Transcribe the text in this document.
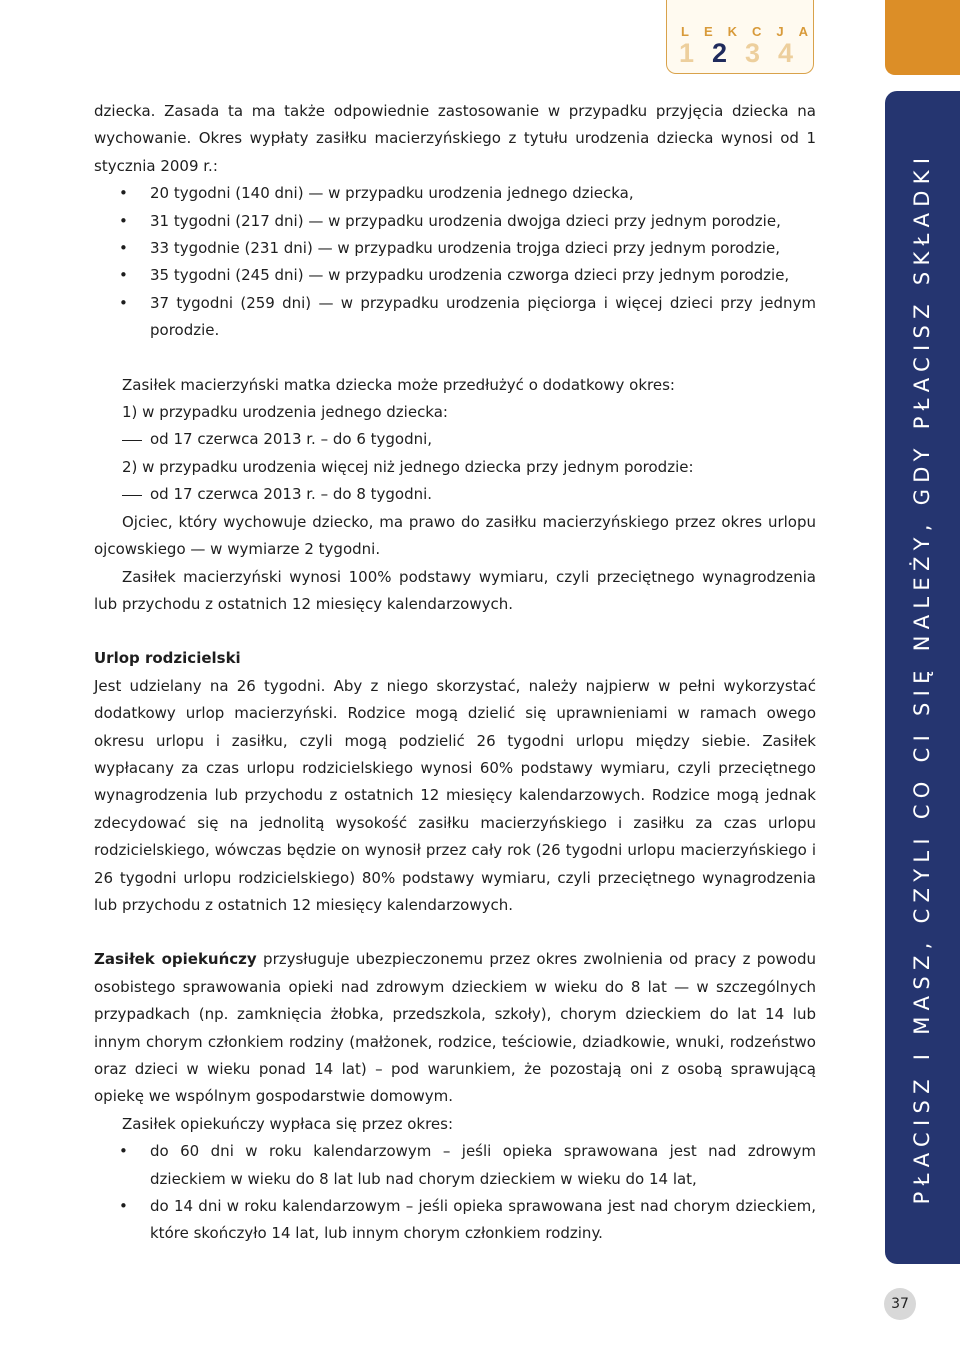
LEKCJA
1 2 3 4
PŁACISZ I MASZ, CZYLI CO CI SIĘ NALEŻY, GDY PŁACISZ SKŁADKI
37

dziecka. Zasada ta ma także odpowiednie zastosowanie w przypadku przyjęcia dziecka na wychowanie. Okres wypłaty zasiłku macierzyńskiego z tytułu urodzenia dziecka wynosi od 1 stycznia 2009 r.:

• 20 tygodni (140 dni) — w przypadku urodzenia jednego dziecka,
• 31 tygodni (217 dni) — w przypadku urodzenia dwojga dzieci przy jednym porodzie,
• 33 tygodnie (231 dni) — w przypadku urodzenia trojga dzieci przy jednym porodzie,
• 35 tygodni (245 dni) — w przypadku urodzenia czworga dzieci przy jednym porodzie,
• 37 tygodni (259 dni) — w przypadku urodzenia pięciorga i więcej dzieci przy jednym porodzie.

Zasiłek macierzyński matka dziecka może przedłużyć o dodatkowy okres:

1) w przypadku urodzenia jednego dziecka:

od 17 czerwca 2013 r. – do 6 tygodni,

2) w przypadku urodzenia więcej niż jednego dziecka przy jednym porodzie:

od 17 czerwca 2013 r. – do 8 tygodni.

Ojciec, który wychowuje dziecko, ma prawo do zasiłku macierzyńskiego przez okres urlopu ojcowskiego — w wymiarze 2 tygodni.

Zasiłek macierzyński wynosi 100% podstawy wymiaru, czyli przeciętnego wynagrodzenia lub przychodu z ostatnich 12 miesięcy kalendarzowych.

Urlop rodzicielski

Jest udzielany na 26 tygodni. Aby z niego skorzystać, należy najpierw w pełni wykorzystać dodatkowy urlop macierzyński. Rodzice mogą dzielić się uprawnieniami w ramach owego okresu urlopu i zasiłku, czyli mogą podzielić 26 tygodni urlopu między siebie. Zasiłek wypłacany za czas urlopu rodzicielskiego wynosi 60% podstawy wymiaru, czyli przeciętnego wynagrodzenia lub przychodu z ostatnich 12 miesięcy kalendarzowych. Rodzice mogą jednak zdecydować się na jednolitą wysokość zasiłku macierzyńskiego i zasiłku za czas urlopu rodzicielskiego, wówczas będzie on wynosił przez cały rok (26 tygodni urlopu macierzyńskiego i 26 tygodni urlopu rodzicielskiego) 80% podstawy wymiaru, czyli przeciętnego wynagrodzenia lub przychodu z ostatnich 12 miesięcy kalendarzowych.

Zasiłek opiekuńczy przysługuje ubezpieczonemu przez okres zwolnienia od pracy z powodu osobistego sprawowania opieki nad zdrowym dzieckiem w wieku do 8 lat — w szczególnych przypadkach (np. zamknięcia żłobka, przedszkola, szkoły), chorym dzieckiem do lat 14 lub innym chorym członkiem rodziny (małżonek, rodzice, teściowie, dziadkowie, wnuki, rodzeństwo oraz dzieci w wieku ponad 14 lat) – pod warunkiem, że pozostają oni z osobą sprawującą opiekę we wspólnym gospodarstwie domowym.

Zasiłek opiekuńczy wypłaca się przez okres:

• do 60 dni w roku kalendarzowym – jeśli opieka sprawowana jest nad zdrowym dzieckiem w wieku do 8 lat lub nad chorym dzieckiem w wieku do 14 lat,
• do 14 dni w roku kalendarzowym – jeśli opieka sprawowana jest nad chorym dzieckiem, które skończyło 14 lat, lub innym chorym członkiem rodziny.
